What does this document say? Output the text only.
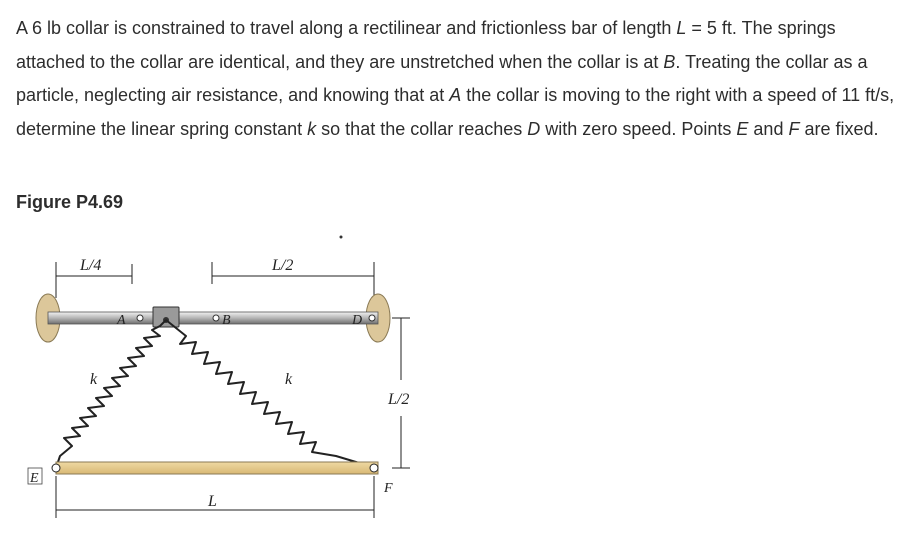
A 6 lb collar is constrained to travel along a rectilinear and frictionless bar of length L = 5 ft. The springs attached to the collar are identical, and they are unstretched when the collar is at B. Treating the collar as a particle, neglecting air resistance, and knowing that at A the collar is moving to the right with a speed of 11 ft/s, determine the linear spring constant k so that the collar reaches D with zero speed. Points E and F are fixed.

Figure P4.69
L/4	L/2
A	B	D
L/2
k	k
E
F
L
